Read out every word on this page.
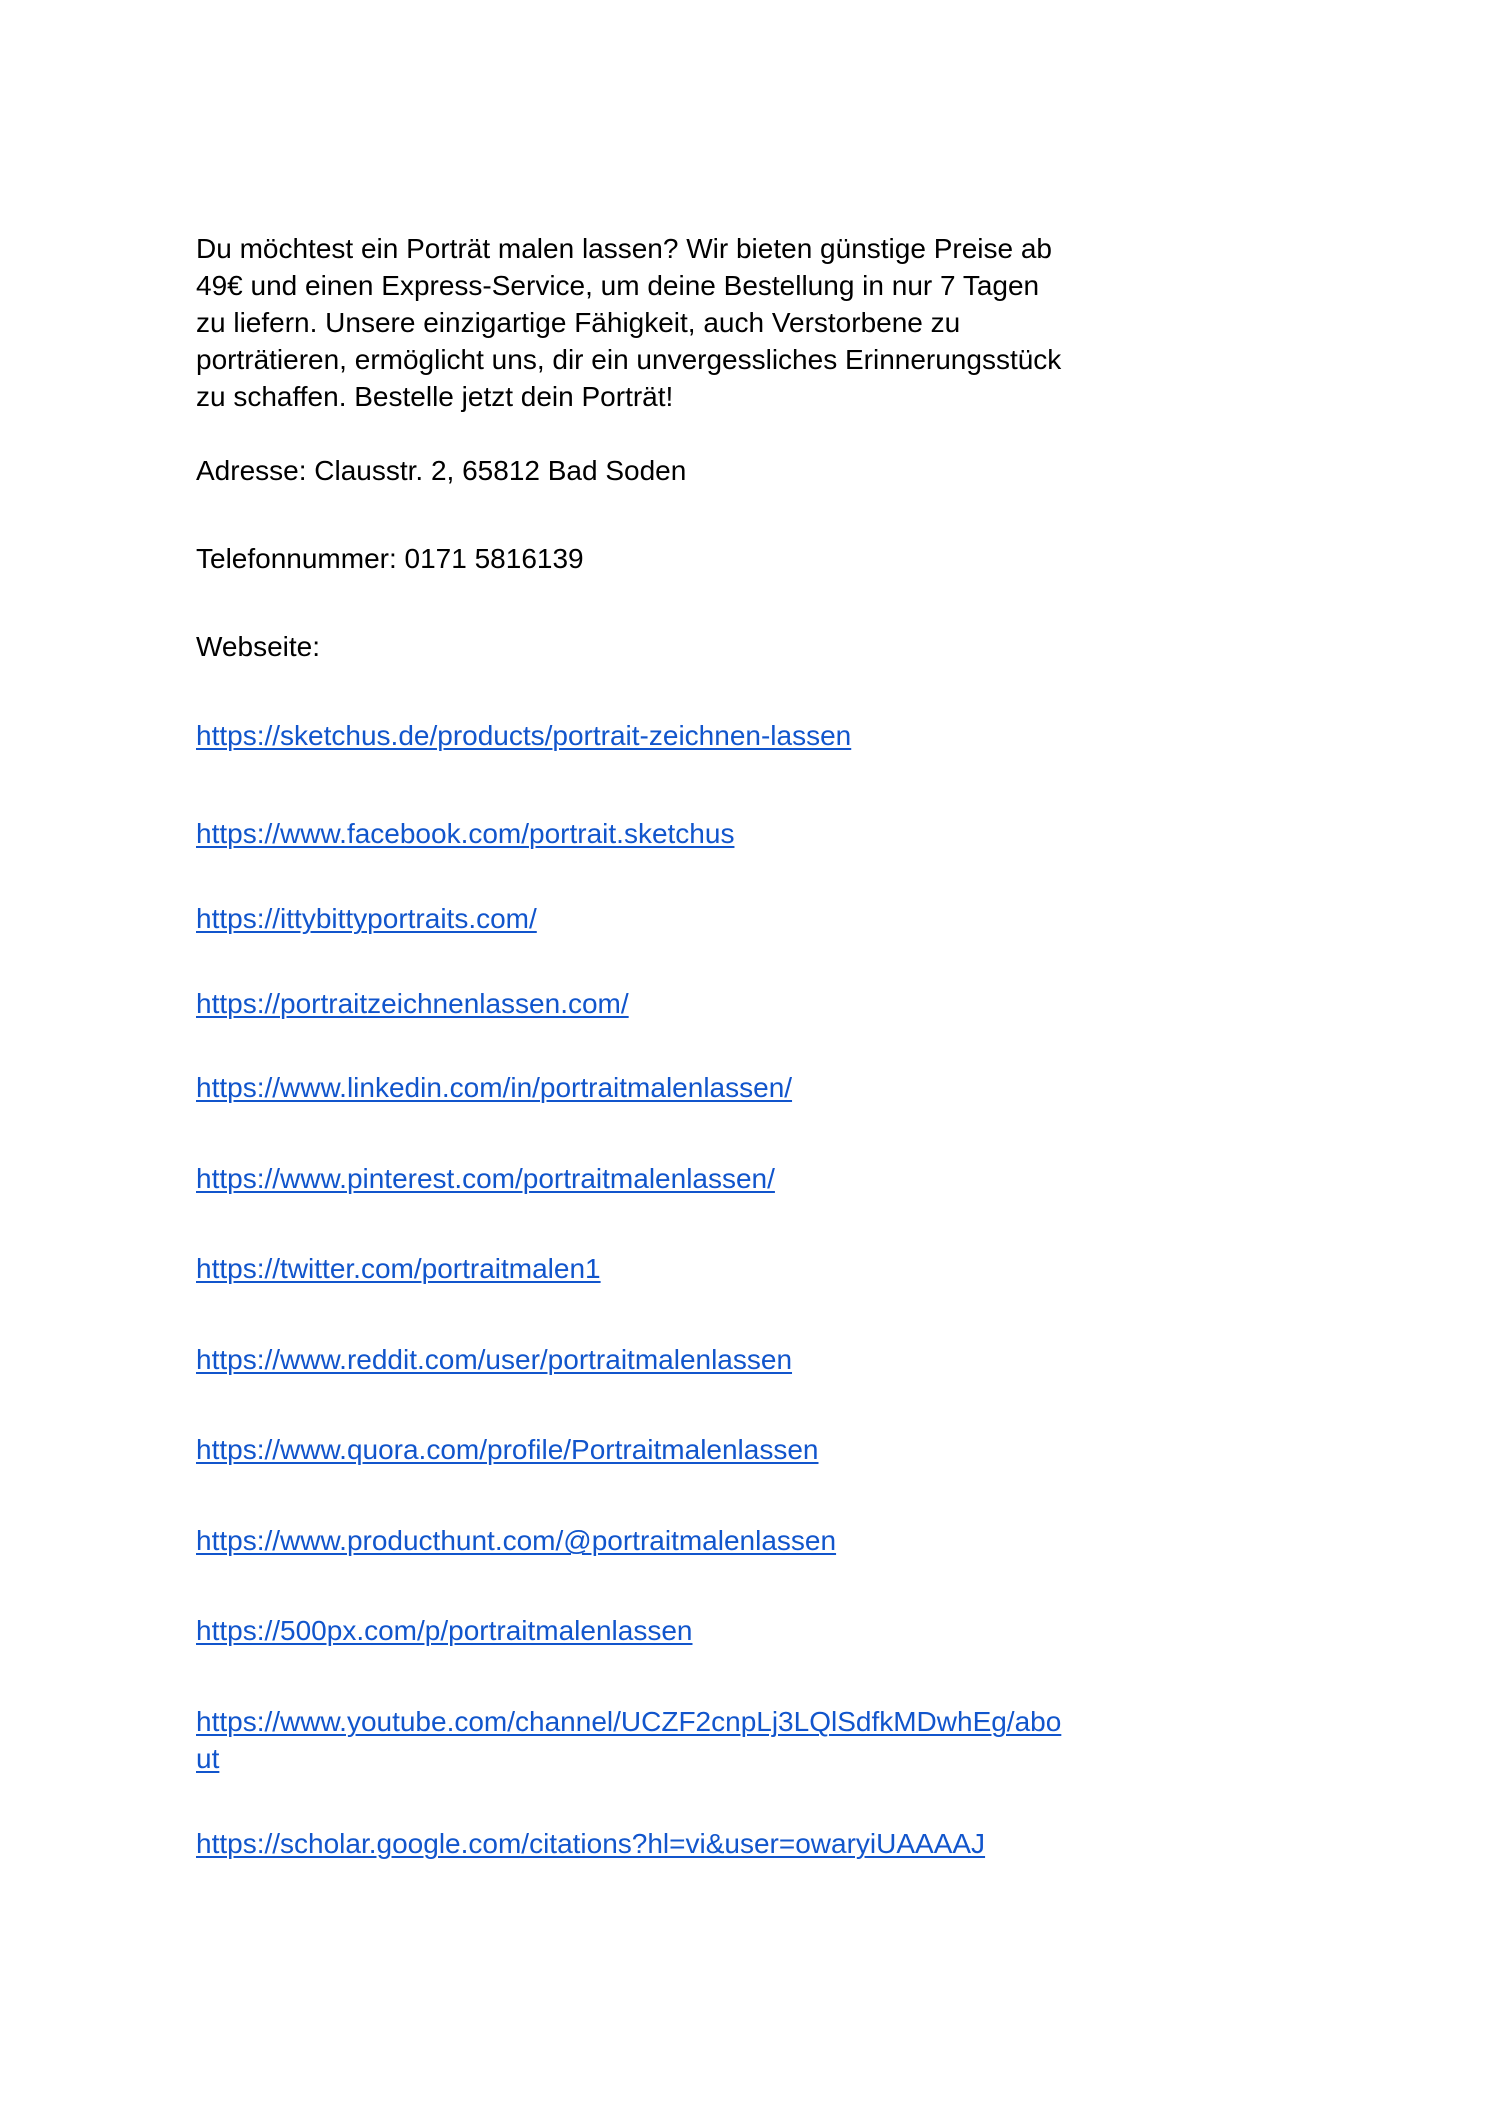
Du möchtest ein Porträt malen lassen? Wir bieten günstige Preise ab 49€ und einen Express-Service, um deine Bestellung in nur 7 Tagen zu liefern. Unsere einzigartige Fähigkeit, auch Verstorbene zu porträtieren, ermöglicht uns, dir ein unvergessliches Erinnerungsstück zu schaffen. Bestelle jetzt dein Porträt!

Adresse: Clausstr. 2, 65812 Bad Soden

Telefonnummer: 0171 5816139

Webseite:

https://sketchus.de/products/portrait-zeichnen-lassen
https://www.facebook.com/portrait.sketchus
https://ittybittyportraits.com/
https://portraitzeichnenlassen.com/
https://www.linkedin.com/in/portraitmalenlassen/
https://www.pinterest.com/portraitmalenlassen/
https://twitter.com/portraitmalen1
https://www.reddit.com/user/portraitmalenlassen
https://www.quora.com/profile/Portraitmalenlassen
https://www.producthunt.com/@portraitmalenlassen
https://500px.com/p/portraitmalenlassen
https://www.youtube.com/channel/UCZF2cnpLj3LQlSdfkMDwhEg/about
https://scholar.google.com/citations?hl=vi&user=owaryiUAAAAJ
